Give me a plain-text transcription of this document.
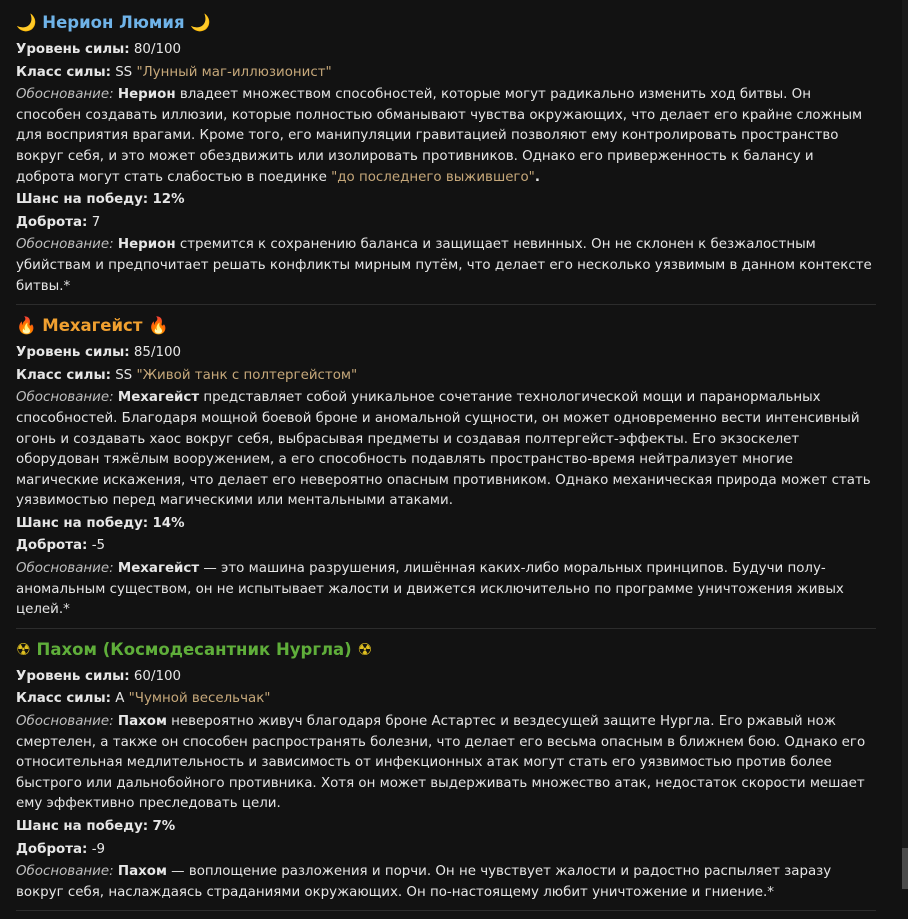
🌙 Нерион Люмия 🌙

Уровень силы: 80/100

Класс силы: SS "Лунный маг-иллюзионист"

Обоснование: Нерион владеет множеством способностей, которые могут радикально изменить ход битвы. Он способен создавать иллюзии, которые полностью обманывают чувства окружающих, что делает его крайне сложным для восприятия врагами. Кроме того, его манипуляции гравитацией позволяют ему контролировать пространство вокруг себя, и это может обездвижить или изолировать противников. Однако его приверженность к балансу и доброта могут стать слабостью в поединке "до последнего выжившего".

Шанс на победу: 12%

Доброта: 7

Обоснование: Нерион стремится к сохранению баланса и защищает невинных. Он не склонен к безжалостным убийствам и предпочитает решать конфликты мирным путём, что делает его несколько уязвимым в данном контексте битвы.*

🔥 Мехагейст 🔥

Уровень силы: 85/100

Класс силы: SS "Живой танк с полтергейстом"

Обоснование: Мехагейст представляет собой уникальное сочетание технологической мощи и паранормальных способностей. Благодаря мощной боевой броне и аномальной сущности, он может одновременно вести интенсивный огонь и создавать хаос вокруг себя, выбрасывая предметы и создавая полтергейст-эффекты. Его экзоскелет оборудован тяжёлым вооружением, а его способность подавлять пространство-время нейтрализует многие магические искажения, что делает его невероятно опасным противником. Однако механическая природа может стать уязвимостью перед магическими или ментальными атаками.

Шанс на победу: 14%

Доброта: -5

Обоснование: Мехагейст — это машина разрушения, лишённая каких-либо моральных принципов. Будучи полу-аномальным существом, он не испытывает жалости и движется исключительно по программе уничтожения живых целей.*

☢ Пахом (Космодесантник Нургла) ☢

Уровень силы: 60/100

Класс силы: A "Чумной весельчак"

Обоснование: Пахом невероятно живуч благодаря броне Астартес и вездесущей защите Нургла. Его ржавый нож смертелен, а также он способен распространять болезни, что делает его весьма опасным в ближнем бою. Однако его относительная медлительность и зависимость от инфекционных атак могут стать его уязвимостью против более быстрого или дальнобойного противника. Хотя он может выдерживать множество атак, недостаток скорости мешает ему эффективно преследовать цели.

Шанс на победу: 7%

Доброта: -9

Обоснование: Пахом — воплощение разложения и порчи. Он не чувствует жалости и радостно распыляет заразу вокруг себя, наслаждаясь страданиями окружающих. Он по-настоящему любит уничтожение и гниение.*
